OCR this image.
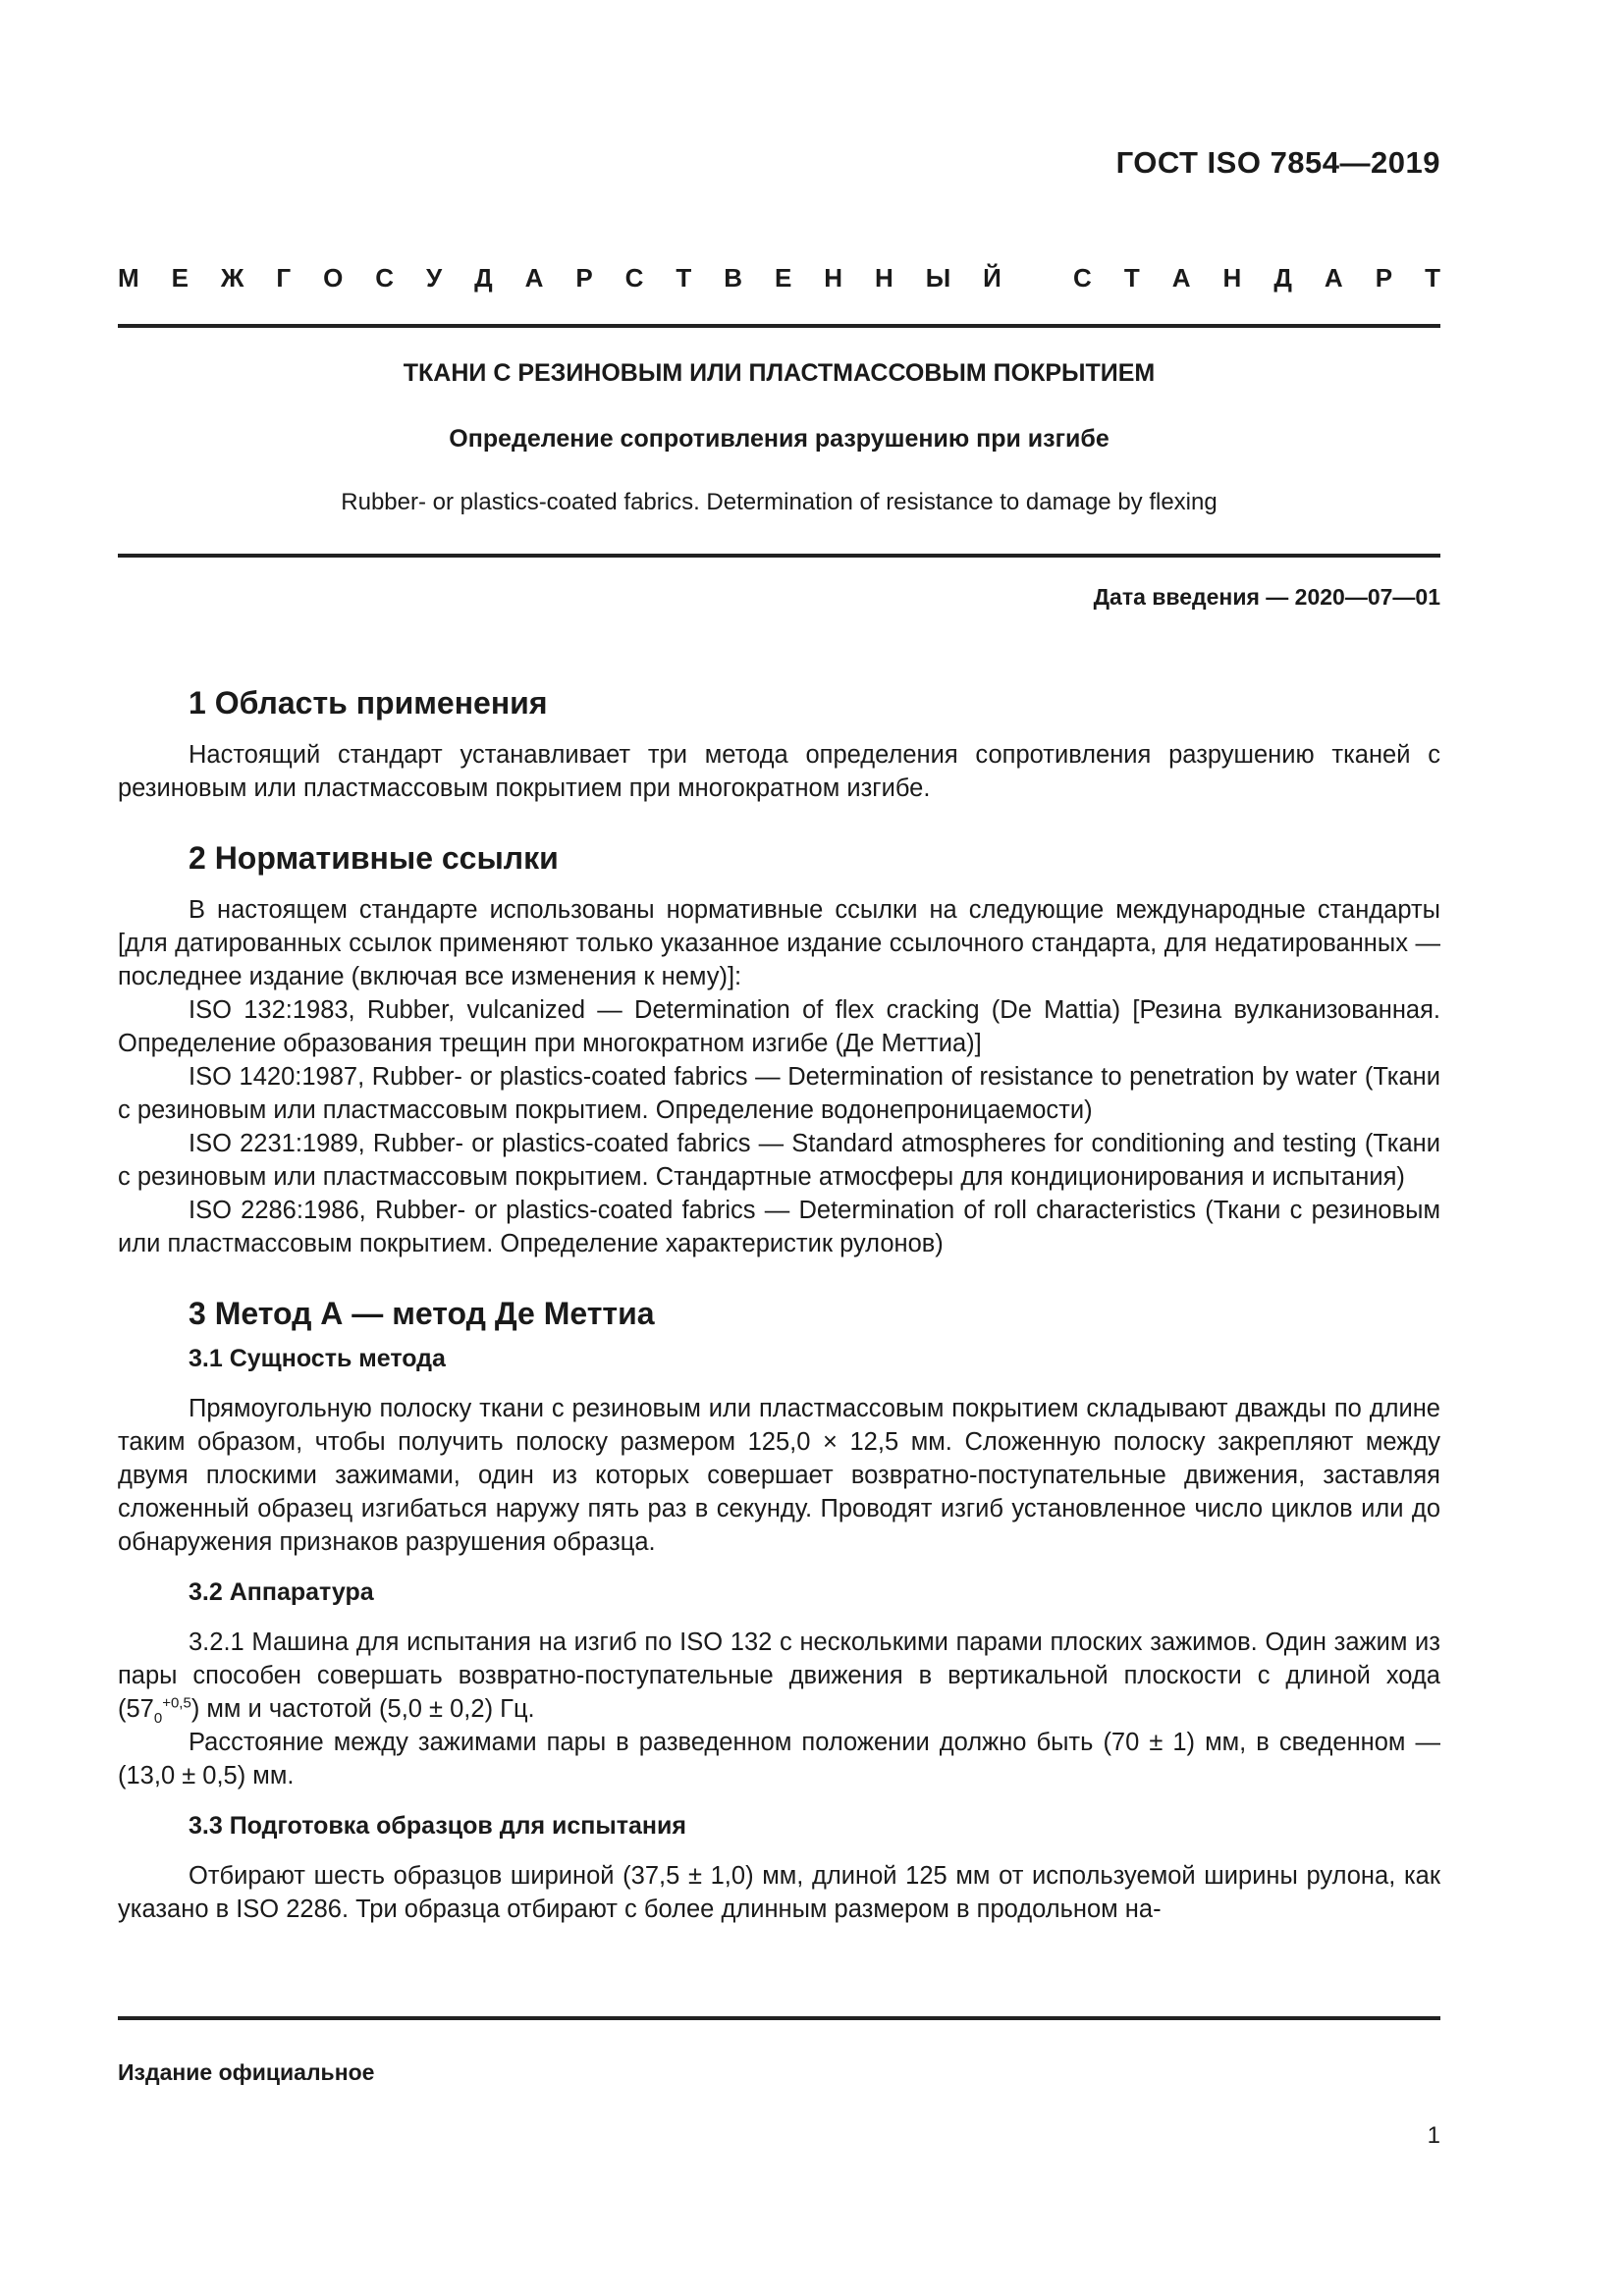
ГОСТ ISO 7854—2019
М Е Ж Г О С У Д А Р С Т В Е Н Н Ы Й	С Т А Н Д А Р Т
ТКАНИ С РЕЗИНОВЫМ ИЛИ ПЛАСТМАССОВЫМ ПОКРЫТИЕМ
Определение сопротивления разрушению при изгибе
Rubber- or plastics-coated fabrics. Determination of resistance to damage by flexing
Дата введения — 2020—07—01
1 Область применения

Настоящий стандарт устанавливает три метода определения сопротивления разрушению тканей с резиновым или пластмассовым покрытием при многократном изгибе.

2 Нормативные ссылки

В настоящем стандарте использованы нормативные ссылки на следующие международные стандарты [для датированных ссылок применяют только указанное издание ссылочного стандарта, для недатированных — последнее издание (включая все изменения к нему)]:

ISO 132:1983, Rubber, vulcanized — Determination of flex cracking (De Mattia) [Резина вулканизованная. Определение образования трещин при многократном изгибе (Де Меттиа)]

ISO 1420:1987, Rubber- or plastics-coated fabrics — Determination of resistance to penetration by water (Ткани с резиновым или пластмассовым покрытием. Определение водонепроницаемости)

ISO 2231:1989, Rubber- or plastics-coated fabrics — Standard atmospheres for conditioning and testing (Ткани с резиновым или пластмассовым покрытием. Стандартные атмосферы для кондиционирования и испытания)

ISO 2286:1986, Rubber- or plastics-coated fabrics — Determination of roll characteristics (Ткани с резиновым или пластмассовым покрытием. Определение характеристик рулонов)

3 Метод А — метод Де Меттиа
3.1 Сущность метода

Прямоугольную полоску ткани с резиновым или пластмассовым покрытием складывают дважды по длине таким образом, чтобы получить полоску размером 125,0 × 12,5 мм. Сложенную полоску закрепляют между двумя плоскими зажимами, один из которых совершает возвратно-поступательные движения, заставляя сложенный образец изгибаться наружу пять раз в секунду. Проводят изгиб установленное число циклов или до обнаружения признаков разрушения образца.

3.2 Аппаратура

3.2.1 Машина для испытания на изгиб по ISO 132 с несколькими парами плоских зажимов. Один зажим из пары способен совершать возвратно-поступательные движения в вертикальной плоскости с длиной хода $(57_0^{+0,5})$ мм и частотой (5,0 ± 0,2) Гц.

Расстояние между зажимами пары в разведенном положении должно быть (70 ± 1) мм, в сведенном — (13,0 ± 0,5) мм.

3.3 Подготовка образцов для испытания

Отбирают шесть образцов шириной (37,5 ± 1,0) мм, длиной 125 мм от используемой ширины рулона, как указано в ISO 2286. Три образца отбирают с более длинным размером в продольном на-

Издание официальное
1
